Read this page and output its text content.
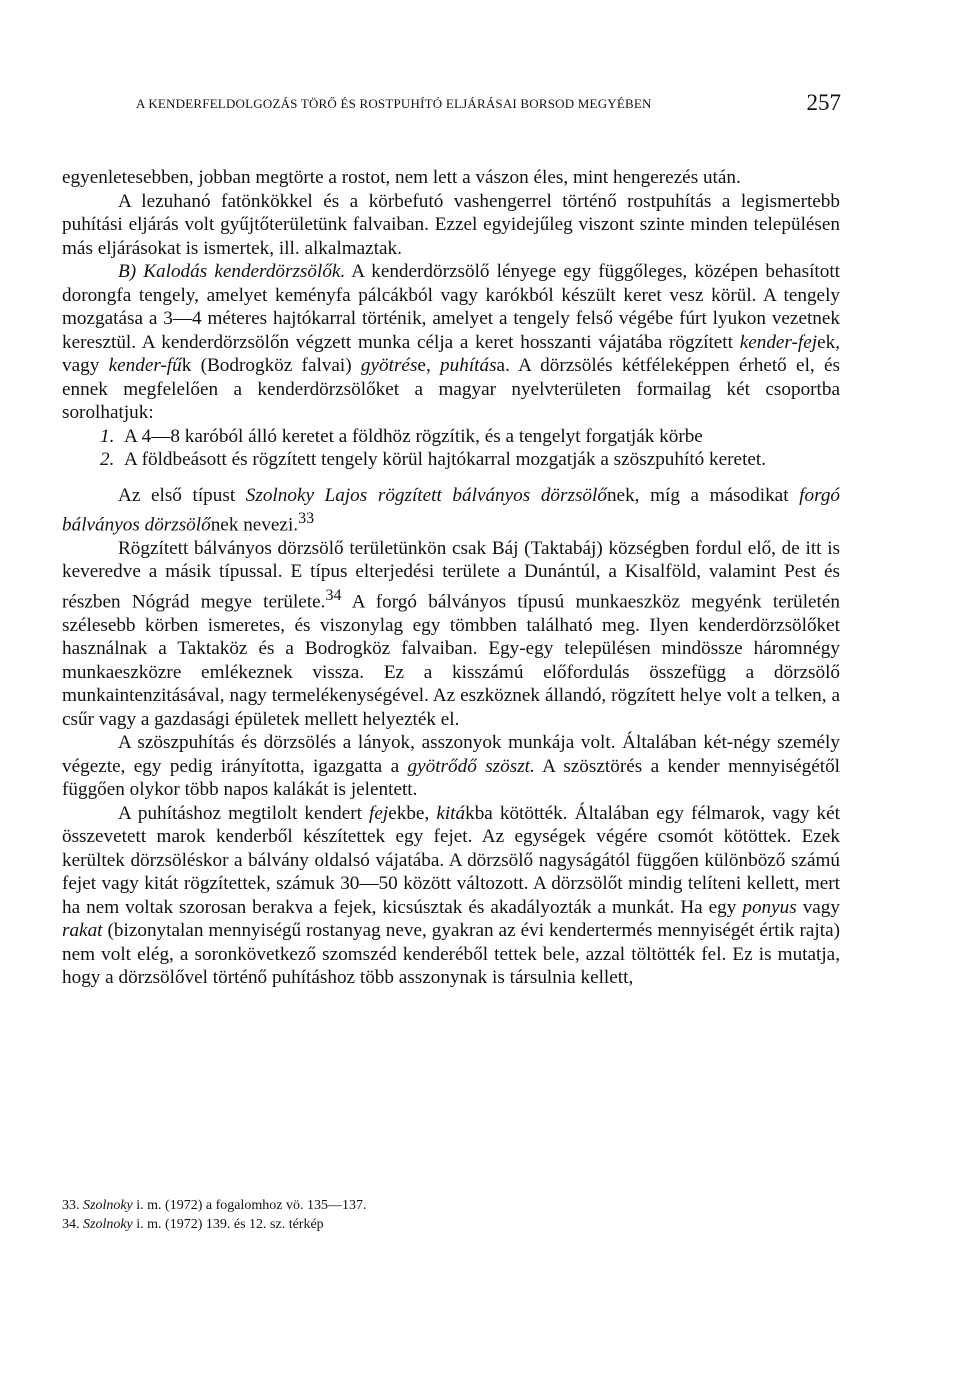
A KENDERFELDOLGOZÁS TÖRŐ ÉS ROSTPUHÍTÓ ELJÁRÁSAI BORSOD MEGYÉBEN	257

egyenletesebben, jobban megtörte a rostot, nem lett a vászon éles, mint hengerezés után.

A lezuhanó fatönkökkel és a körbefutó vashengerrel történő rostpuhítás a legismertebb puhítási eljárás volt gyűjtőterületünk falvaiban. Ezzel egyidejűleg viszont szinte minden településen más eljárásokat is ismertek, ill. alkalmaztak.

B) Kalodás kenderdörzsölők. A kenderdörzsölő lényege egy függőleges, középen behasított dorongfa tengely, amelyet keményfa pálcákból vagy karókból készült keret vesz körül. A tengely mozgatása a 3—4 méteres hajtókarral történik, amelyet a tengely felső végébe fúrt lyukon vezetnek keresztül. A kenderdörzsölőn végzett munka célja a keret hosszanti vájatába rögzített kender-fejek, vagy kender-fűk (Bodrogköz falvai) gyötrése, puhítása. A dörzsölés kétféleképpen érhető el, és ennek megfelelően a kenderdörzsölőket a magyar nyelvterületen formailag két csoportba sorolhatjuk:

1. A 4—8 karóból álló keretet a földhöz rögzítik, és a tengelyt forgatják körbe
2. A földbeásott és rögzített tengely körül hajtókarral mozgatják a szöszpuhító keretet.

Az első típust Szolnoky Lajos rögzített bálványos dörzsölőnek, míg a másodikat forgó bálványos dörzsölőnek nevezi.$^{33}$

Rögzített bálványos dörzsölő területünkön csak Báj (Taktabáj) községben fordul elő, de itt is keveredve a másik típussal. E típus elterjedési területe a Dunántúl, a Kisalföld, valamint Pest és részben Nógrád megye területe.$^{34}$ A forgó bálványos típusú munkaeszköz megyénk területén szélesebb körben ismeretes, és viszonylag egy tömbben található meg. Ilyen kenderdörzsölőket használnak a Taktaköz és a Bodrogköz falvaiban. Egy-egy településen mindössze háromnégy munkaeszközre emlékeznek vissza. Ez a kisszámú előfordulás összefügg a dörzsölő munkaintenzitásával, nagy termelékenységével. Az eszköznek állandó, rögzített helye volt a telken, a csűr vagy a gazdasági épületek mellett helyezték el.

A szöszpuhítás és dörzsölés a lányok, asszonyok munkája volt. Általában két-négy személy végezte, egy pedig irányította, igazgatta a gyötrődő szöszt. A szösztörés a kender mennyiségétől függően olykor több napos kalákát is jelentett.

A puhításhoz megtilolt kendert fejekbe, kitákba kötötték. Általában egy félmarok, vagy két összevetett marok kenderből készítettek egy fejet. Az egységek végére csomót kötöttek. Ezek kerültek dörzsöléskor a bálvány oldalsó vájatába. A dörzsölő nagyságától függően különböző számú fejet vagy kitát rögzítettek, számuk 30—50 között változott. A dörzsölőt mindig telíteni kellett, mert ha nem voltak szorosan berakva a fejek, kicsúsztak és akadályozták a munkát. Ha egy ponyus vagy rakat (bizonytalan mennyiségű rostanyag neve, gyakran az évi kendertermés mennyiségét értik rajta) nem volt elég, a soronkövetkező szomszéd kenderéből tettek bele, azzal töltötték fel. Ez is mutatja, hogy a dörzsölővel történő puhításhoz több asszonynak is társulnia kellett,

33. Szolnoky i. m. (1972) a fogalomhoz vö. 135—137.

34. Szolnoky i. m. (1972) 139. és 12. sz. térkép
